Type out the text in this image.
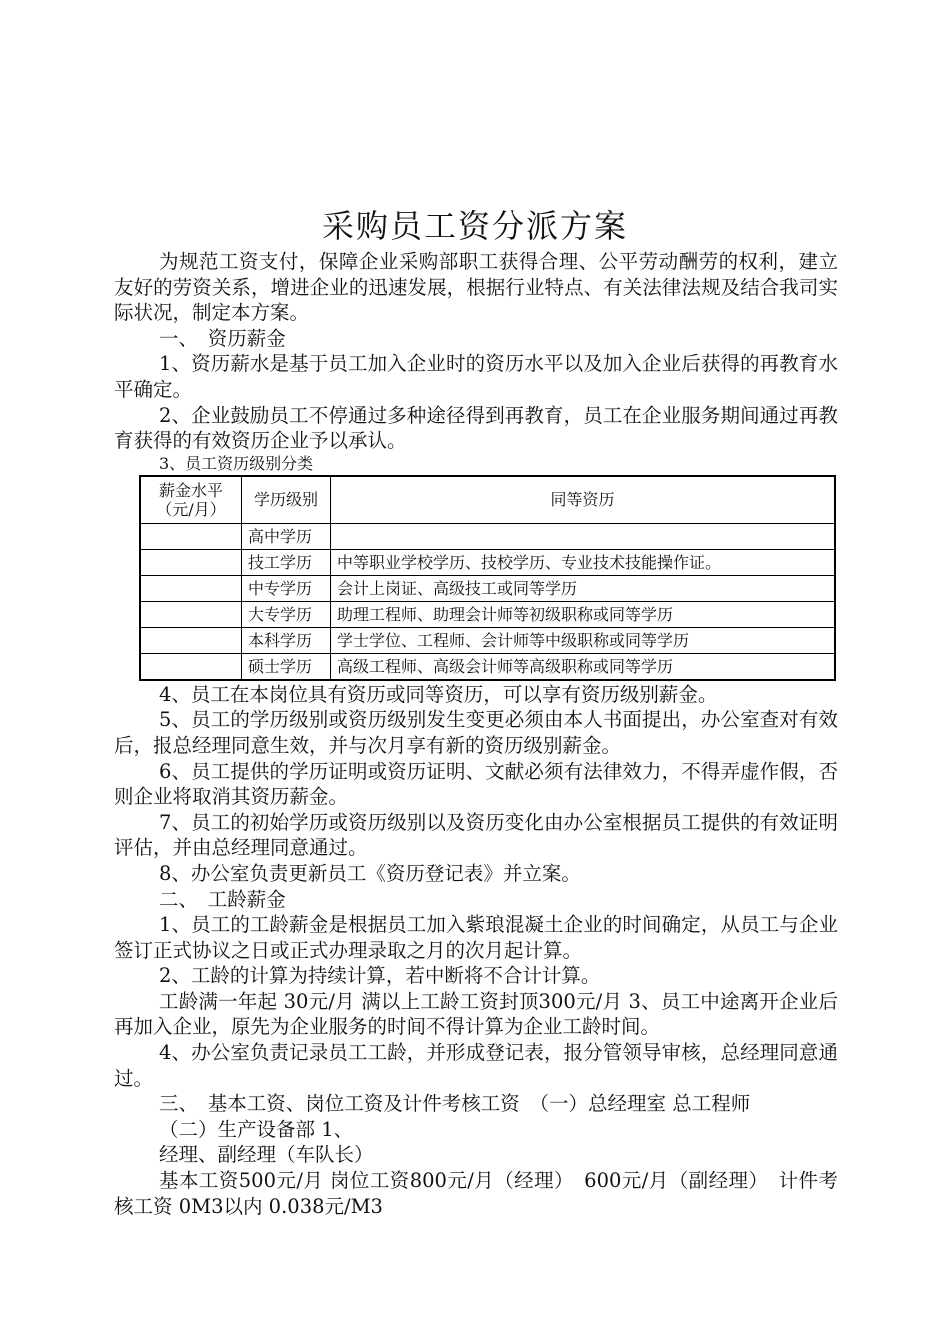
采购员工资分派方案

为规范工资支付，保障企业采购部职工获得合理、公平劳动酬劳的权利，建立友好的劳资关系，增进企业的迅速发展，根据行业特点、有关法律法规及结合我司实际状况，制定本方案。

一、　资历薪金

1、资历薪水是基于员工加入企业时的资历水平以及加入企业后获得的再教育水平确定。

2、企业鼓励员工不停通过多种途径得到再教育，员工在企业服务期间通过再教育获得的有效资历企业予以承认。

3、员工资历级别分类

薪金水平（元/月）	学历级别	同等资历
	高中学历	
	技工学历	中等职业学校学历、技校学历、专业技术技能操作证。
	中专学历	会计上岗证、高级技工或同等学历
	大专学历	助理工程师、助理会计师等初级职称或同等学历
	本科学历	学士学位、工程师、会计师等中级职称或同等学历
	硕士学历	高级工程师、高级会计师等高级职称或同等学历

4、员工在本岗位具有资历或同等资历，可以享有资历级别薪金。

5、员工的学历级别或资历级别发生变更必须由本人书面提出，办公室查对有效后，报总经理同意生效，并与次月享有新的资历级别薪金。

6、员工提供的学历证明或资历证明、文献必须有法律效力，不得弄虚作假，否则企业将取消其资历薪金。

7、员工的初始学历或资历级别以及资历变化由办公室根据员工提供的有效证明评估，并由总经理同意通过。

8、办公室负责更新员工《资历登记表》并立案。

二、　工龄薪金

1、员工的工龄薪金是根据员工加入紫琅混凝土企业的时间确定，从员工与企业签订正式协议之日或正式办理录取之月的次月起计算。

2、工龄的计算为持续计算，若中断将不合计计算。

工龄满一年起 30元/月 满以上工龄工资封顶300元/月 3、员工中途离开企业后再加入企业，原先为企业服务的时间不得计算为企业工龄时间。

4、办公室负责记录员工工龄，并形成登记表，报分管领导审核，总经理同意通过。

三、　基本工资、岗位工资及计件考核工资　（一）总经理室 总工程师

（二）生产设备部 1、

经理、副经理（车队长）

基本工资500元/月 岗位工资800元/月（经理）　600元/月（副经理）　计件考核工资 0M3以内 0.038元/M3
